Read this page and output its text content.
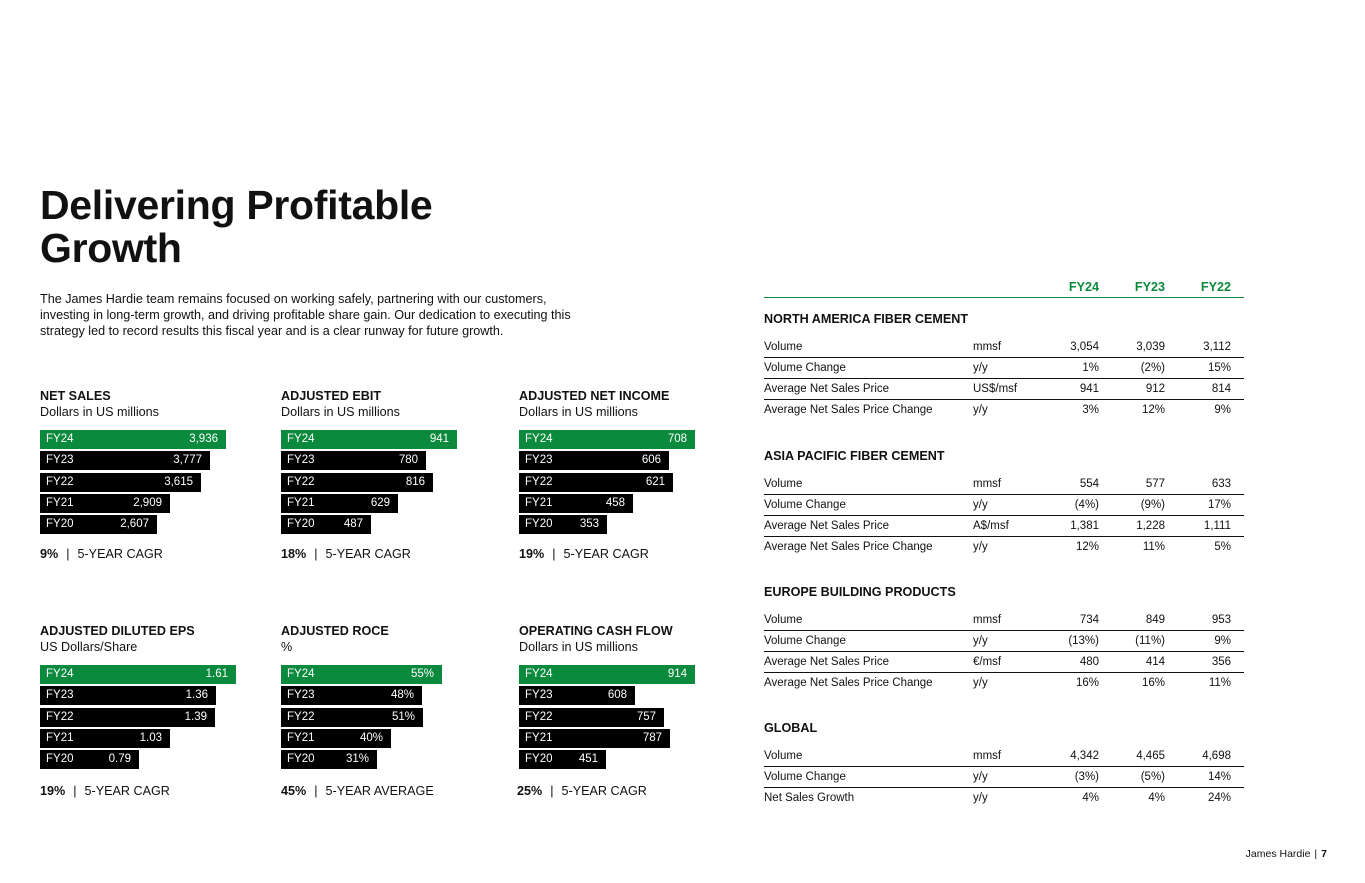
Delivering Profitable
Growth

The James Hardie team remains focused on working safely, partnering with our customers, investing in long-term growth, and driving profitable share gain. Our dedication to executing this strategy led to record results this fiscal year and is a clear runway for future growth.

NET SALES
Dollars in US millions
FY24	3,936
FY23	3,777
FY22	3,615
FY21	2,909
FY20	2,607
9% | 5-YEAR CAGR
ADJUSTED EBIT
Dollars in US millions
FY24	941
FY23	780
FY22	816
FY21	629
FY20	487
18% | 5-YEAR CAGR
ADJUSTED NET INCOME
Dollars in US millions
FY24	708
FY23	606
FY22	621
FY21	458
FY20 353
19% | 5-YEAR CAGR
ADJUSTED DILUTED EPS
US Dollars/Share
FY24	1.61
FY23	1.36
FY22	1.39
FY21	1.03
FY20	0.79
19% | 5-YEAR CAGR
ADJUSTED ROCE
%
FY24	55%
FY23	48%
FY22	51%
FY21	40%
FY20	31%
45% | 5-YEAR AVERAGE
OPERATING CASH FLOW
Dollars in US millions
FY24	914
FY23	608
FY22	757
FY21	787
FY20 451
25% | 5-YEAR CAGR
FY24	FY23	FY22
NORTH AMERICA FIBER CEMENT
Volume	mmsf	3,054	3,039	3,112
Volume Change	y/y	1%	(2%)	15%
Average Net Sales Price	US$/msf	941	912	814
Average Net Sales Price Change	y/y	3%	12%	9%
ASIA PACIFIC FIBER CEMENT
Volume	mmsf	554	577	633
Volume Change	y/y	(4%)	(9%)	17%
Average Net Sales Price	A$/msf	1,381	1,228	1,111
Average Net Sales Price Change	y/y	12%	11%	5%
EUROPE BUILDING PRODUCTS
Volume	mmsf	734	849	953
Volume Change	y/y	(13%)	(11%)	9%
Average Net Sales Price	€/msf	480	414	356
Average Net Sales Price Change	y/y	16%	16%	11%
GLOBAL
Volume	mmsf	4,342	4,465	4,698
Volume Change	y/y	(3%)	(5%)	14%
Net Sales Growth	y/y	4%	4%	24%
James Hardie | 7
